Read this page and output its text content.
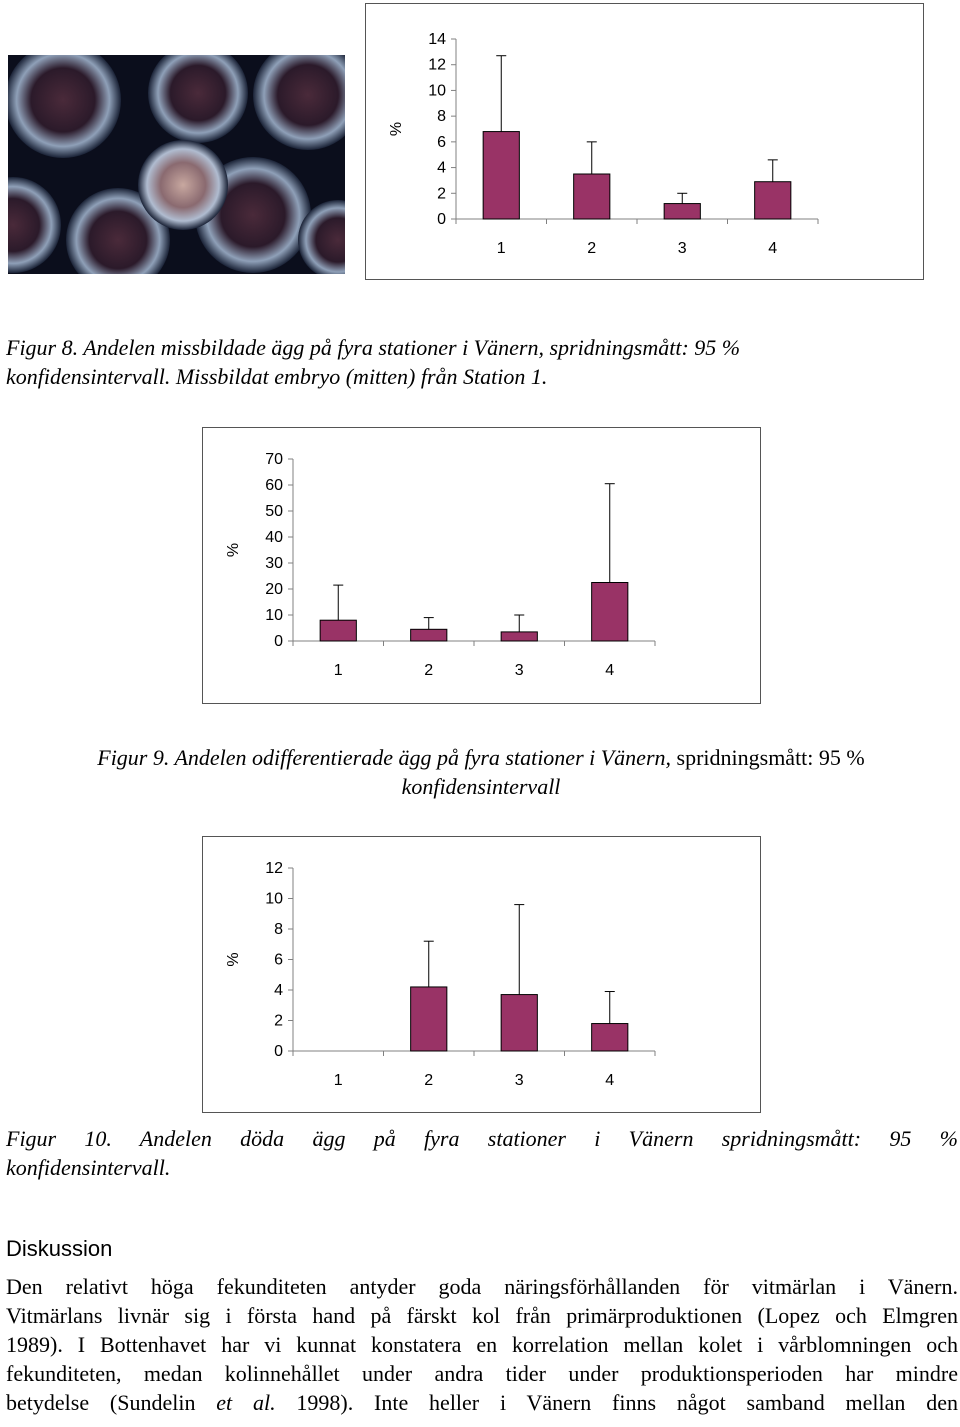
0
2
4
6
8
10
12
14
%
1	2	3	4
Figur 8. Andelen missbildade ägg på fyra stationer i Vänern, spridningsmått: 95 %
konfidensintervall. Missbildat embryo (mitten) från Station 1.
0
10
20
30
40
50
60
70
%
1	2	3	4
Figur 9. Andelen odifferentierade ägg på fyra stationer i Vänern, spridningsmått: 95 %
konfidensintervall
0
2
4
6
8
10
12
%
1	2	3	4
Figur 10. Andelen döda ägg på fyra stationer i Vänern spridningsmått: 95 %
konfidensintervall.
Diskussion
Den relativt höga fekunditeten antyder goda näringsförhållanden för vitmärlan i Vänern.
Vitmärlans livnär sig i första hand på färskt kol från primärproduktionen (Lopez och Elmgren
1989). I Bottenhavet har vi kunnat konstatera en korrelation mellan kolet i vårblomningen och
fekunditeten, medan kolinnehållet under andra tider under produktionsperioden har mindre
betydelse (Sundelin et al. 1998). Inte heller i Vänern finns något samband mellan den
